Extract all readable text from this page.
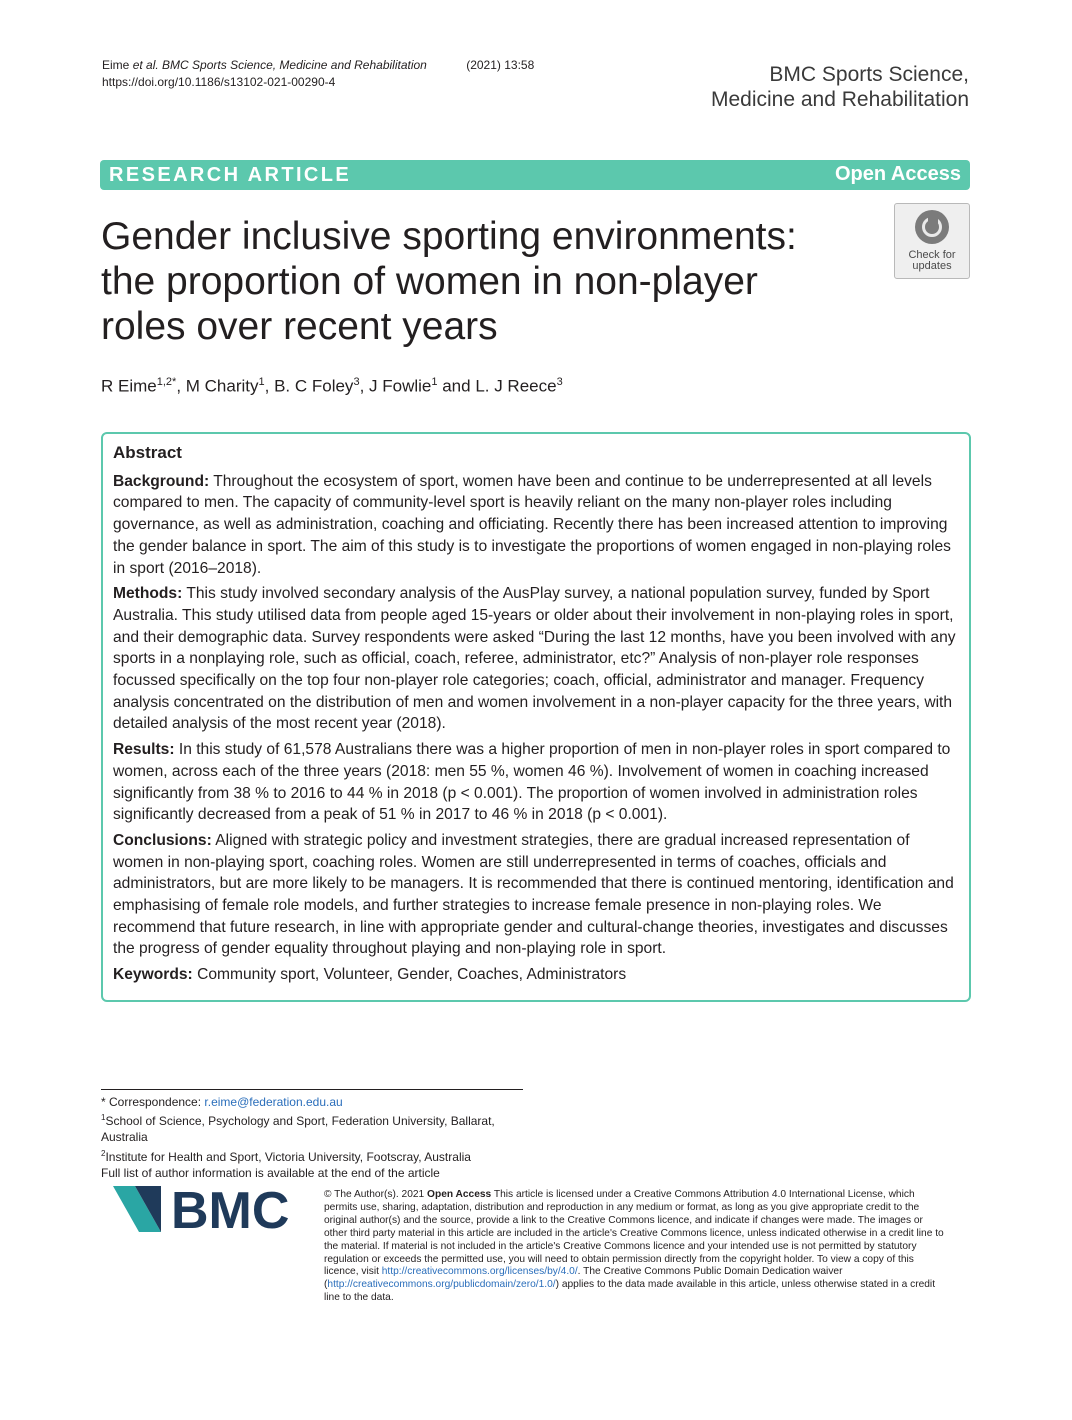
Eime et al. BMC Sports Science, Medicine and Rehabilitation	(2021) 13:58
https://doi.org/10.1186/s13102-021-00290-4	BMC Sports Science,
Medicine and Rehabilitation
RESEARCH ARTICLE	Open Access
Gender inclusive sporting environments:
the proportion of women in non-player
roles over recent years
Check for
updates
R Eime$^{1,2*}$, M Charity$^1$, B. C Foley$^3$, J Fowlie$^1$ and L. J Reece$^3$
Abstract

Background: Throughout the ecosystem of sport, women have been and continue to be underrepresented at all levels compared to men. The capacity of community-level sport is heavily reliant on the many non-player roles including governance, as well as administration, coaching and officiating. Recently there has been increased attention to improving the gender balance in sport. The aim of this study is to investigate the proportions of women engaged in non-playing roles in sport (2016–2018).

Methods: This study involved secondary analysis of the AusPlay survey, a national population survey, funded by Sport Australia. This study utilised data from people aged 15-years or older about their involvement in non-playing roles in sport, and their demographic data. Survey respondents were asked “During the last 12 months, have you been involved with any sports in a nonplaying role, such as official, coach, referee, administrator, etc?” Analysis of non-player role responses focussed specifically on the top four non-player role categories; coach, official, administrator and manager. Frequency analysis concentrated on the distribution of men and women involvement in a non-player capacity for the three years, with detailed analysis of the most recent year (2018).

Results: In this study of 61,578 Australians there was a higher proportion of men in non-player roles in sport compared to women, across each of the three years (2018: men 55 %, women 46 %). Involvement of women in coaching increased significantly from 38 % to 2016 to 44 % in 2018 (p < 0.001). The proportion of women involved in administration roles significantly decreased from a peak of 51 % in 2017 to 46 % in 2018 (p < 0.001).

Conclusions: Aligned with strategic policy and investment strategies, there are gradual increased representation of women in non-playing sport, coaching roles. Women are still underrepresented in terms of coaches, officials and administrators, but are more likely to be managers. It is recommended that there is continued mentoring, identification and emphasising of female role models, and further strategies to increase female presence in non-playing roles. We recommend that future research, in line with appropriate gender and cultural-change theories, investigates and discusses the progress of gender equality throughout playing and non-playing role in sport.

Keywords: Community sport, Volunteer, Gender, Coaches, Administrators

* Correspondence: r.eime@federation.edu.au
$^1$School of Science, Psychology and Sport, Federation University, Ballarat, Australia
$^2$Institute for Health and Sport, Victoria University, Footscray, Australia
Full list of author information is available at the end of the article
BMC	© The Author(s). 2021 Open Access This article is licensed under a Creative Commons Attribution 4.0 International License, which permits use, sharing, adaptation, distribution and reproduction in any medium or format, as long as you give appropriate credit to the original author(s) and the source, provide a link to the Creative Commons licence, and indicate if changes were made. The images or other third party material in this article are included in the article's Creative Commons licence, unless indicated otherwise in a credit line to the material. If material is not included in the article's Creative Commons licence and your intended use is not permitted by statutory regulation or exceeds the permitted use, you will need to obtain permission directly from the copyright holder. To view a copy of this licence, visit http://creativecommons.org/licenses/by/4.0/. The Creative Commons Public Domain Dedication waiver (http://creativecommons.org/publicdomain/zero/1.0/) applies to the data made available in this article, unless otherwise stated in a credit line to the data.
